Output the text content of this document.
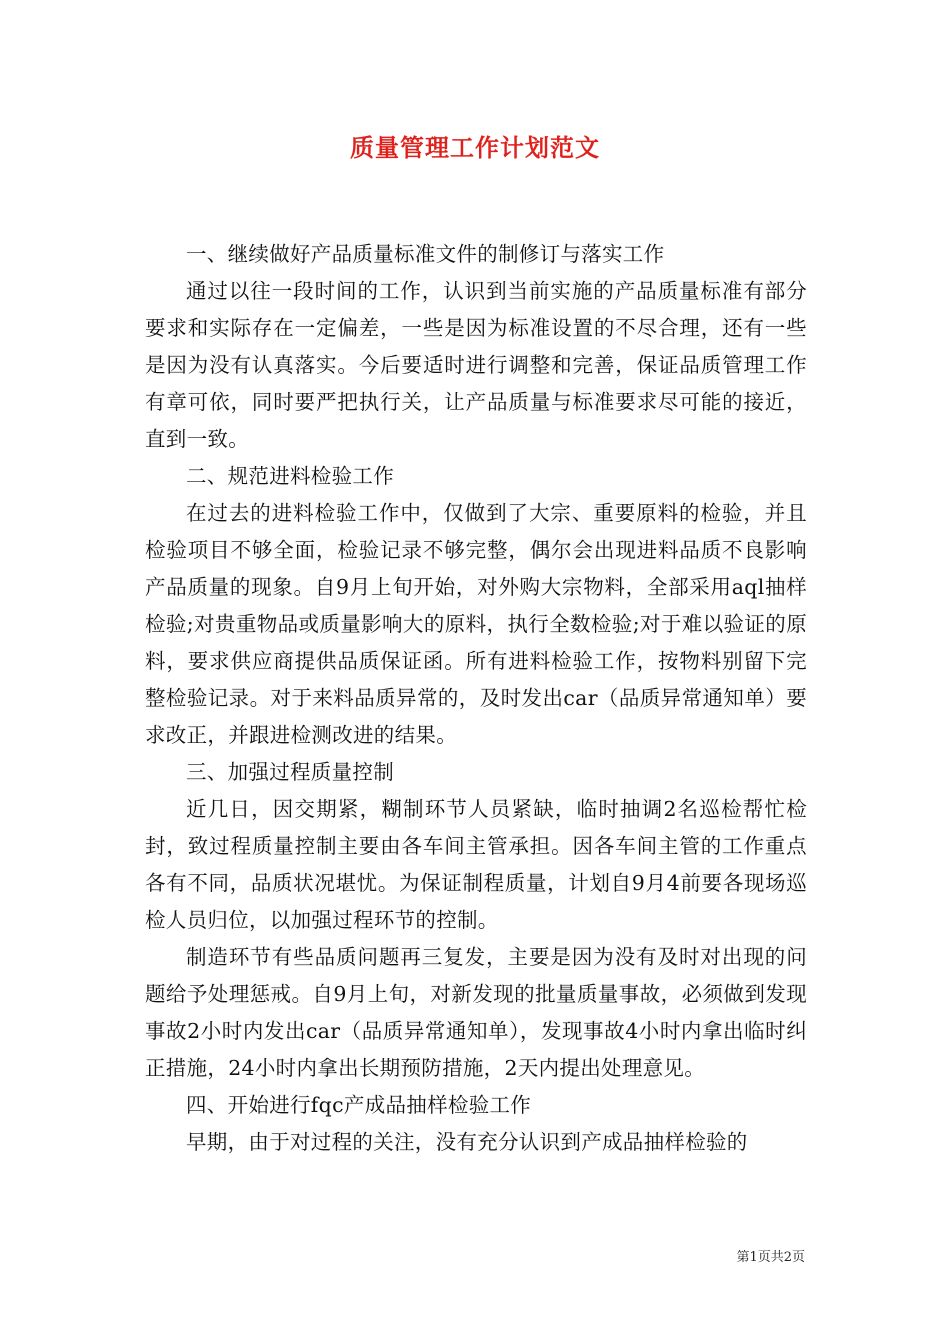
质量管理工作计划范文
一、继续做好产品质量标准文件的制修订与落实工作

通过以往一段时间的工作，认识到当前实施的产品质量标准有部分要求和实际存在一定偏差，一些是因为标准设置的不尽合理，还有一些是因为没有认真落实。今后要适时进行调整和完善，保证品质管理工作有章可依，同时要严把执行关，让产品质量与标准要求尽可能的接近，直到一致。

二、规范进料检验工作

在过去的进料检验工作中，仅做到了大宗、重要原料的检验，并且检验项目不够全面，检验记录不够完整，偶尔会出现进料品质不良影响产品质量的现象。自9月上旬开始，对外购大宗物料，全部采用aql抽样检验;对贵重物品或质量影响大的原料，执行全数检验;对于难以验证的原料，要求供应商提供品质保证函。所有进料检验工作，按物料别留下完整检验记录。对于来料品质异常的，及时发出car（品质异常通知单）要求改正，并跟进检测改进的结果。

三、加强过程质量控制

近几日，因交期紧，糊制环节人员紧缺，临时抽调2名巡检帮忙检封，致过程质量控制主要由各车间主管承担。因各车间主管的工作重点各有不同，品质状况堪忧。为保证制程质量，计划自9月4前要各现场巡检人员归位，以加强过程环节的控制。

制造环节有些品质问题再三复发，主要是因为没有及时对出现的问题给予处理惩戒。自9月上旬，对新发现的批量质量事故，必须做到发现事故2小时内发出car（品质异常通知单），发现事故4小时内拿出临时纠正措施，24小时内拿出长期预防措施，2天内提出处理意见。

四、开始进行fqc产成品抽样检验工作

早期，由于对过程的关注，没有充分认识到产成品抽样检验的

第1页共2页
